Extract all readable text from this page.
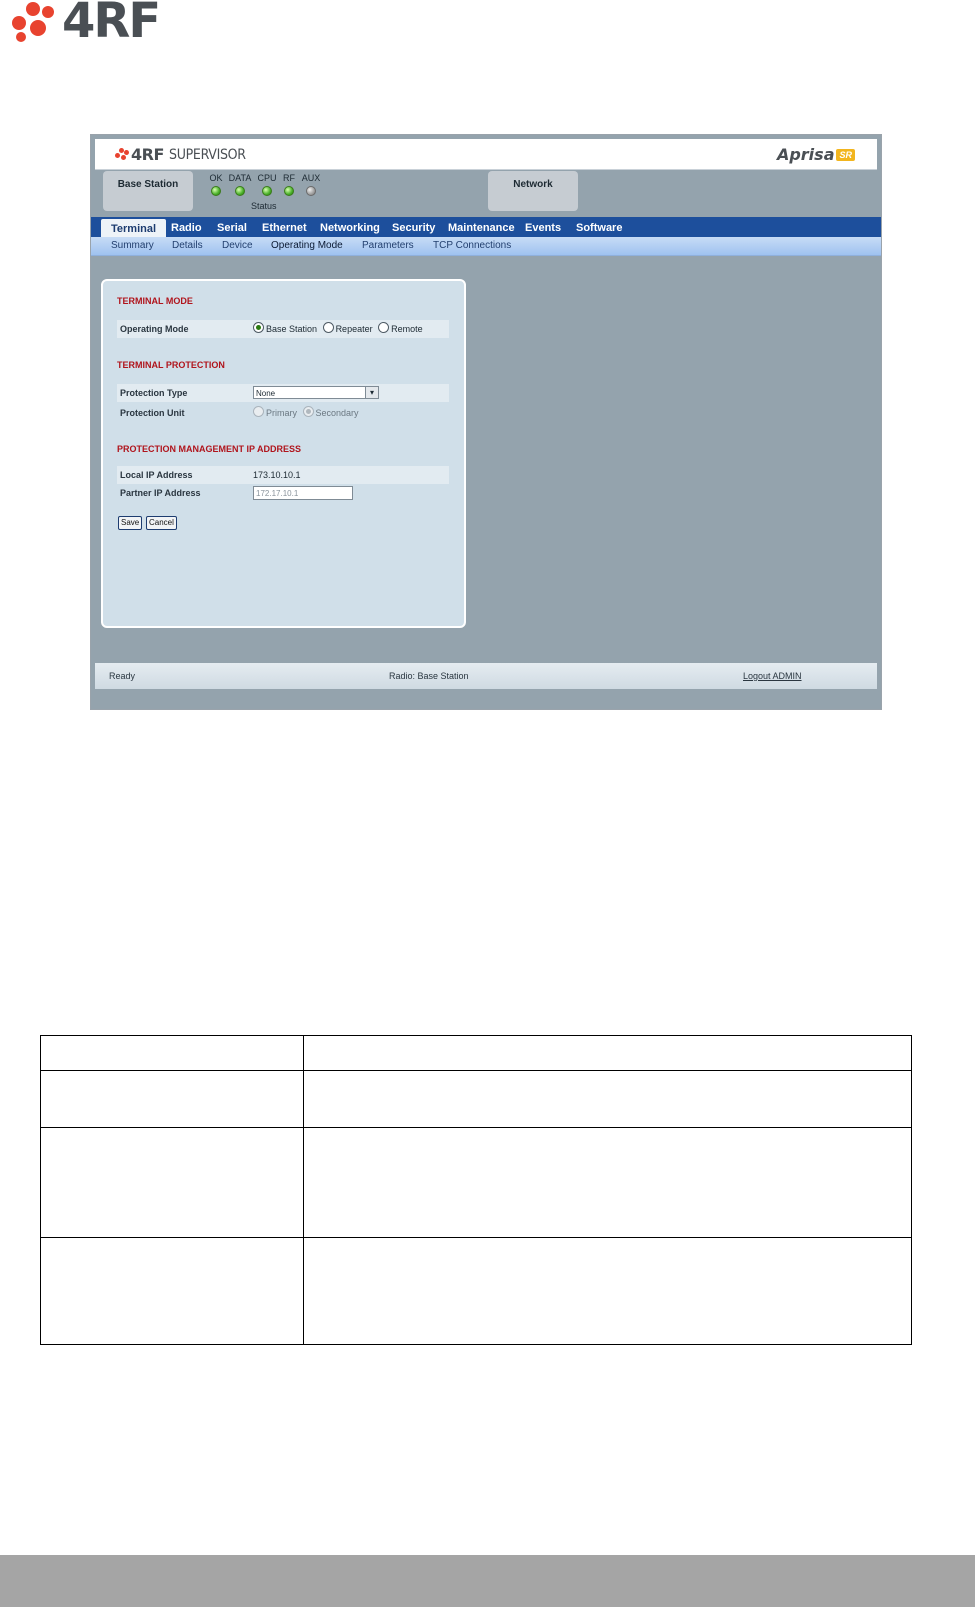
4RF
4RF SUPERVISOR	Aprisa SR
Base Station
OK DATA CPU RF AUX
Status
Network
Terminal	Radio Serial Ethernet Networking Security Maintenance Events Software
Summary Details Device Operating Mode Parameters TCP Connections
TERMINAL MODE
Operating Mode	Base Station Repeater Remote
TERMINAL PROTECTION
Protection Type	None	▾
Protection Unit	Primary Secondary
PROTECTION MANAGEMENT IP ADDRESS
Local IP Address	173.10.10.1
Partner IP Address	172.17.10.1
Save	Cancel
Ready	Radio: Base Station	Logout ADMIN
